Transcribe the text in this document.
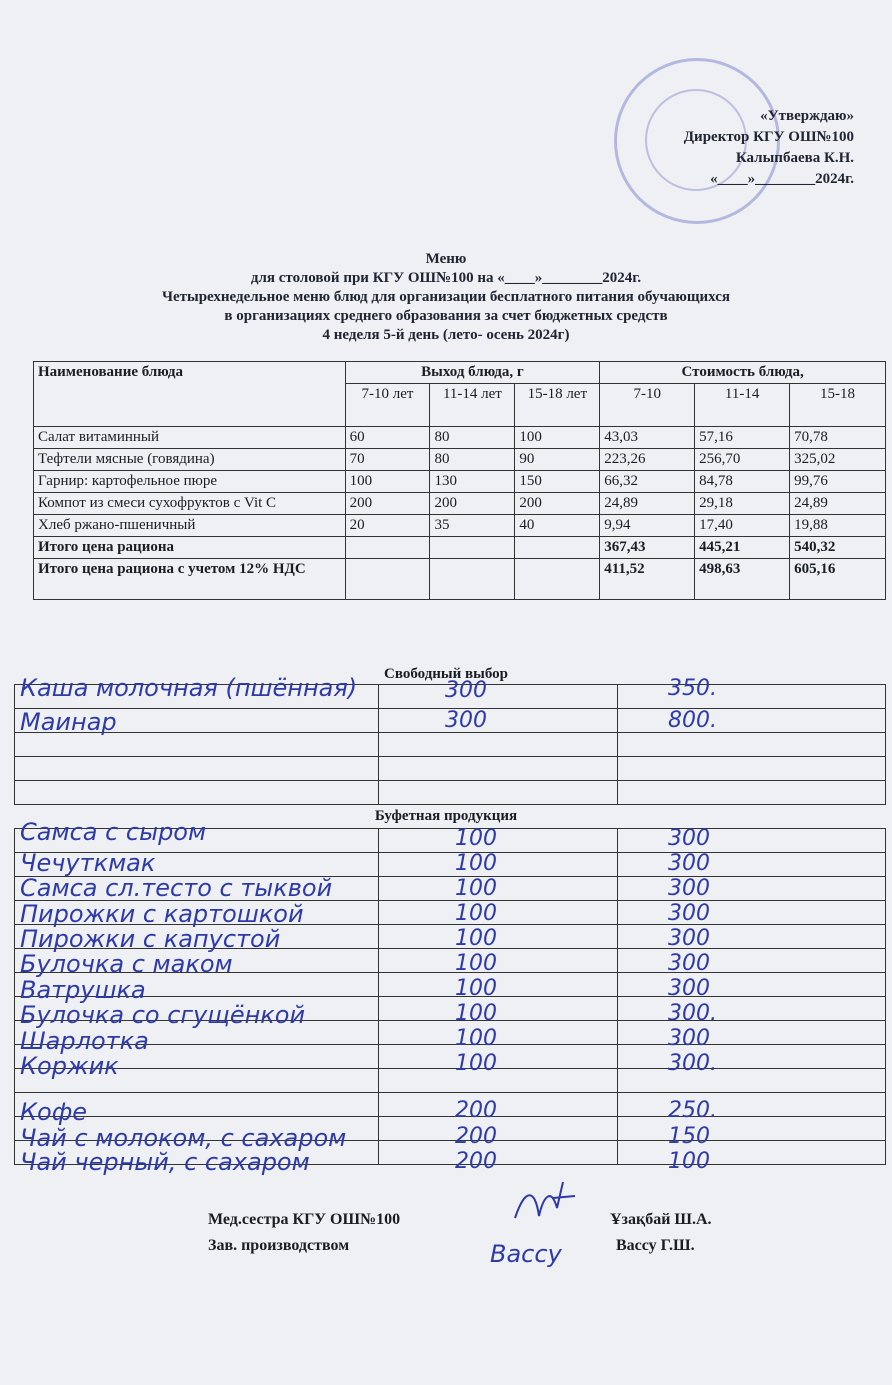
«Утверждаю»
Директор КГУ ОШ№100
Калыпбаева К.Н.
«____»________2024г.
Меню
для столовой при КГУ ОШ№100 на «____»________2024г.
Четырехнедельное меню блюд для организации бесплатного питания обучающихся
в организациях среднего образования за счет бюджетных средств
4 неделя 5-й день (лето- осень 2024г)
Наименование блюда	Выход блюда, г			Стоимость блюда,		
	7-10 лет	11-14 лет	15-18 лет	7-10	11-14	15-18
Салат витаминный	60	80	100	43,03	57,16	70,78
Тефтели мясные (говядина)	70	80	90	223,26	256,70	325,02
Гарнир: картофельное пюре	100	130	150	66,32	84,78	99,76
Компот из смеси сухофруктов с Vit C	200	200	200	24,89	29,18	24,89
Хлеб ржано-пшеничный	20	35	40	9,94	17,40	19,88
Итого цена рациона				367,43	445,21	540,32
Итого цена рациона с учетом 12% НДС				411,52	498,63	605,16
Свободный выбор

Каша молочная (пшённая)	300	350.
Маинар	300	800.
Буфетная продукция

Самса с сыром	100	300
Чечуткмак	100	300
Самса сл.тесто с тыквой	100	300
Пирожки с картошкой	100	300
Пирожки с капустой	100	300
Булочка с маком	100	300
Ватрушка	100	300
Булочка со сгущёнкой	100	300.
Шарлотка	100	300
Коржик	100	300.
Кофе	200	250.
Чай с молоком, с сахаром	200	150
Чай черный, с сахаром	200	100
Мед.сестра КГУ ОШ№100	Ұзақбай Ш.А.
Зав. производством	Вассу Г.Ш.
Вассу
